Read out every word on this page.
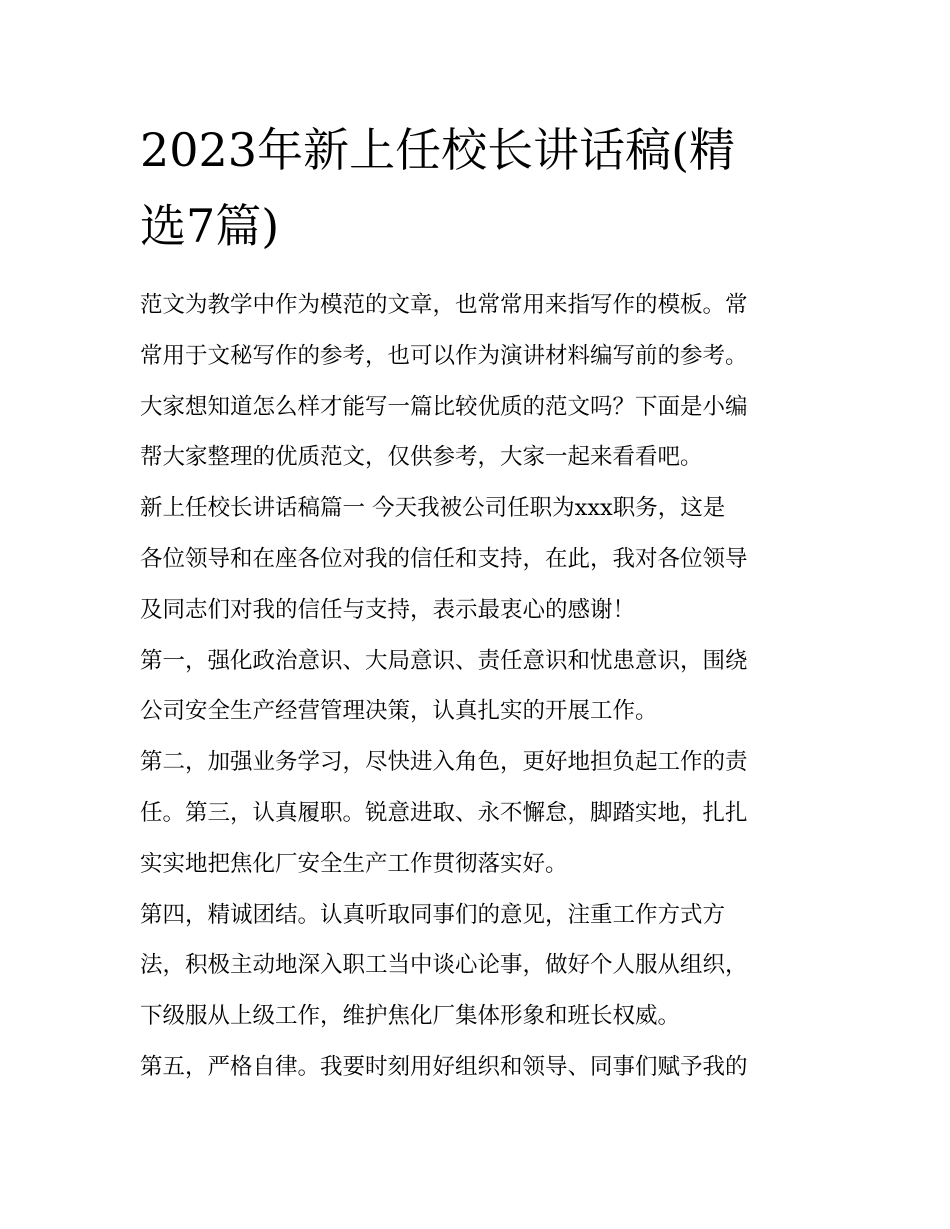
2023年新上任校长讲话稿(精
选7篇)
范文为教学中作为模范的文章，也常常用来指写作的模板。常
常用于文秘写作的参考，也可以作为演讲材料编写前的参考。
大家想知道怎么样才能写一篇比较优质的范文吗？下面是小编
帮大家整理的优质范文，仅供参考，大家一起来看看吧。
新上任校长讲话稿篇一 今天我被公司任职为xxx职务，这是
各位领导和在座各位对我的信任和支持，在此，我对各位领导
及同志们对我的信任与支持，表示最衷心的感谢！
第一，强化政治意识、大局意识、责任意识和忧患意识，围绕
公司安全生产经营管理决策，认真扎实的开展工作。
第二，加强业务学习，尽快进入角色，更好地担负起工作的责
任。第三，认真履职。锐意进取、永不懈怠，脚踏实地，扎扎
实实地把焦化厂安全生产工作贯彻落实好。
第四，精诚团结。认真听取同事们的意见，注重工作方式方
法，积极主动地深入职工当中谈心论事，做好个人服从组织，
下级服从上级工作，维护焦化厂集体形象和班长权威。
第五，严格自律。我要时刻用好组织和领导、同事们赋予我的
